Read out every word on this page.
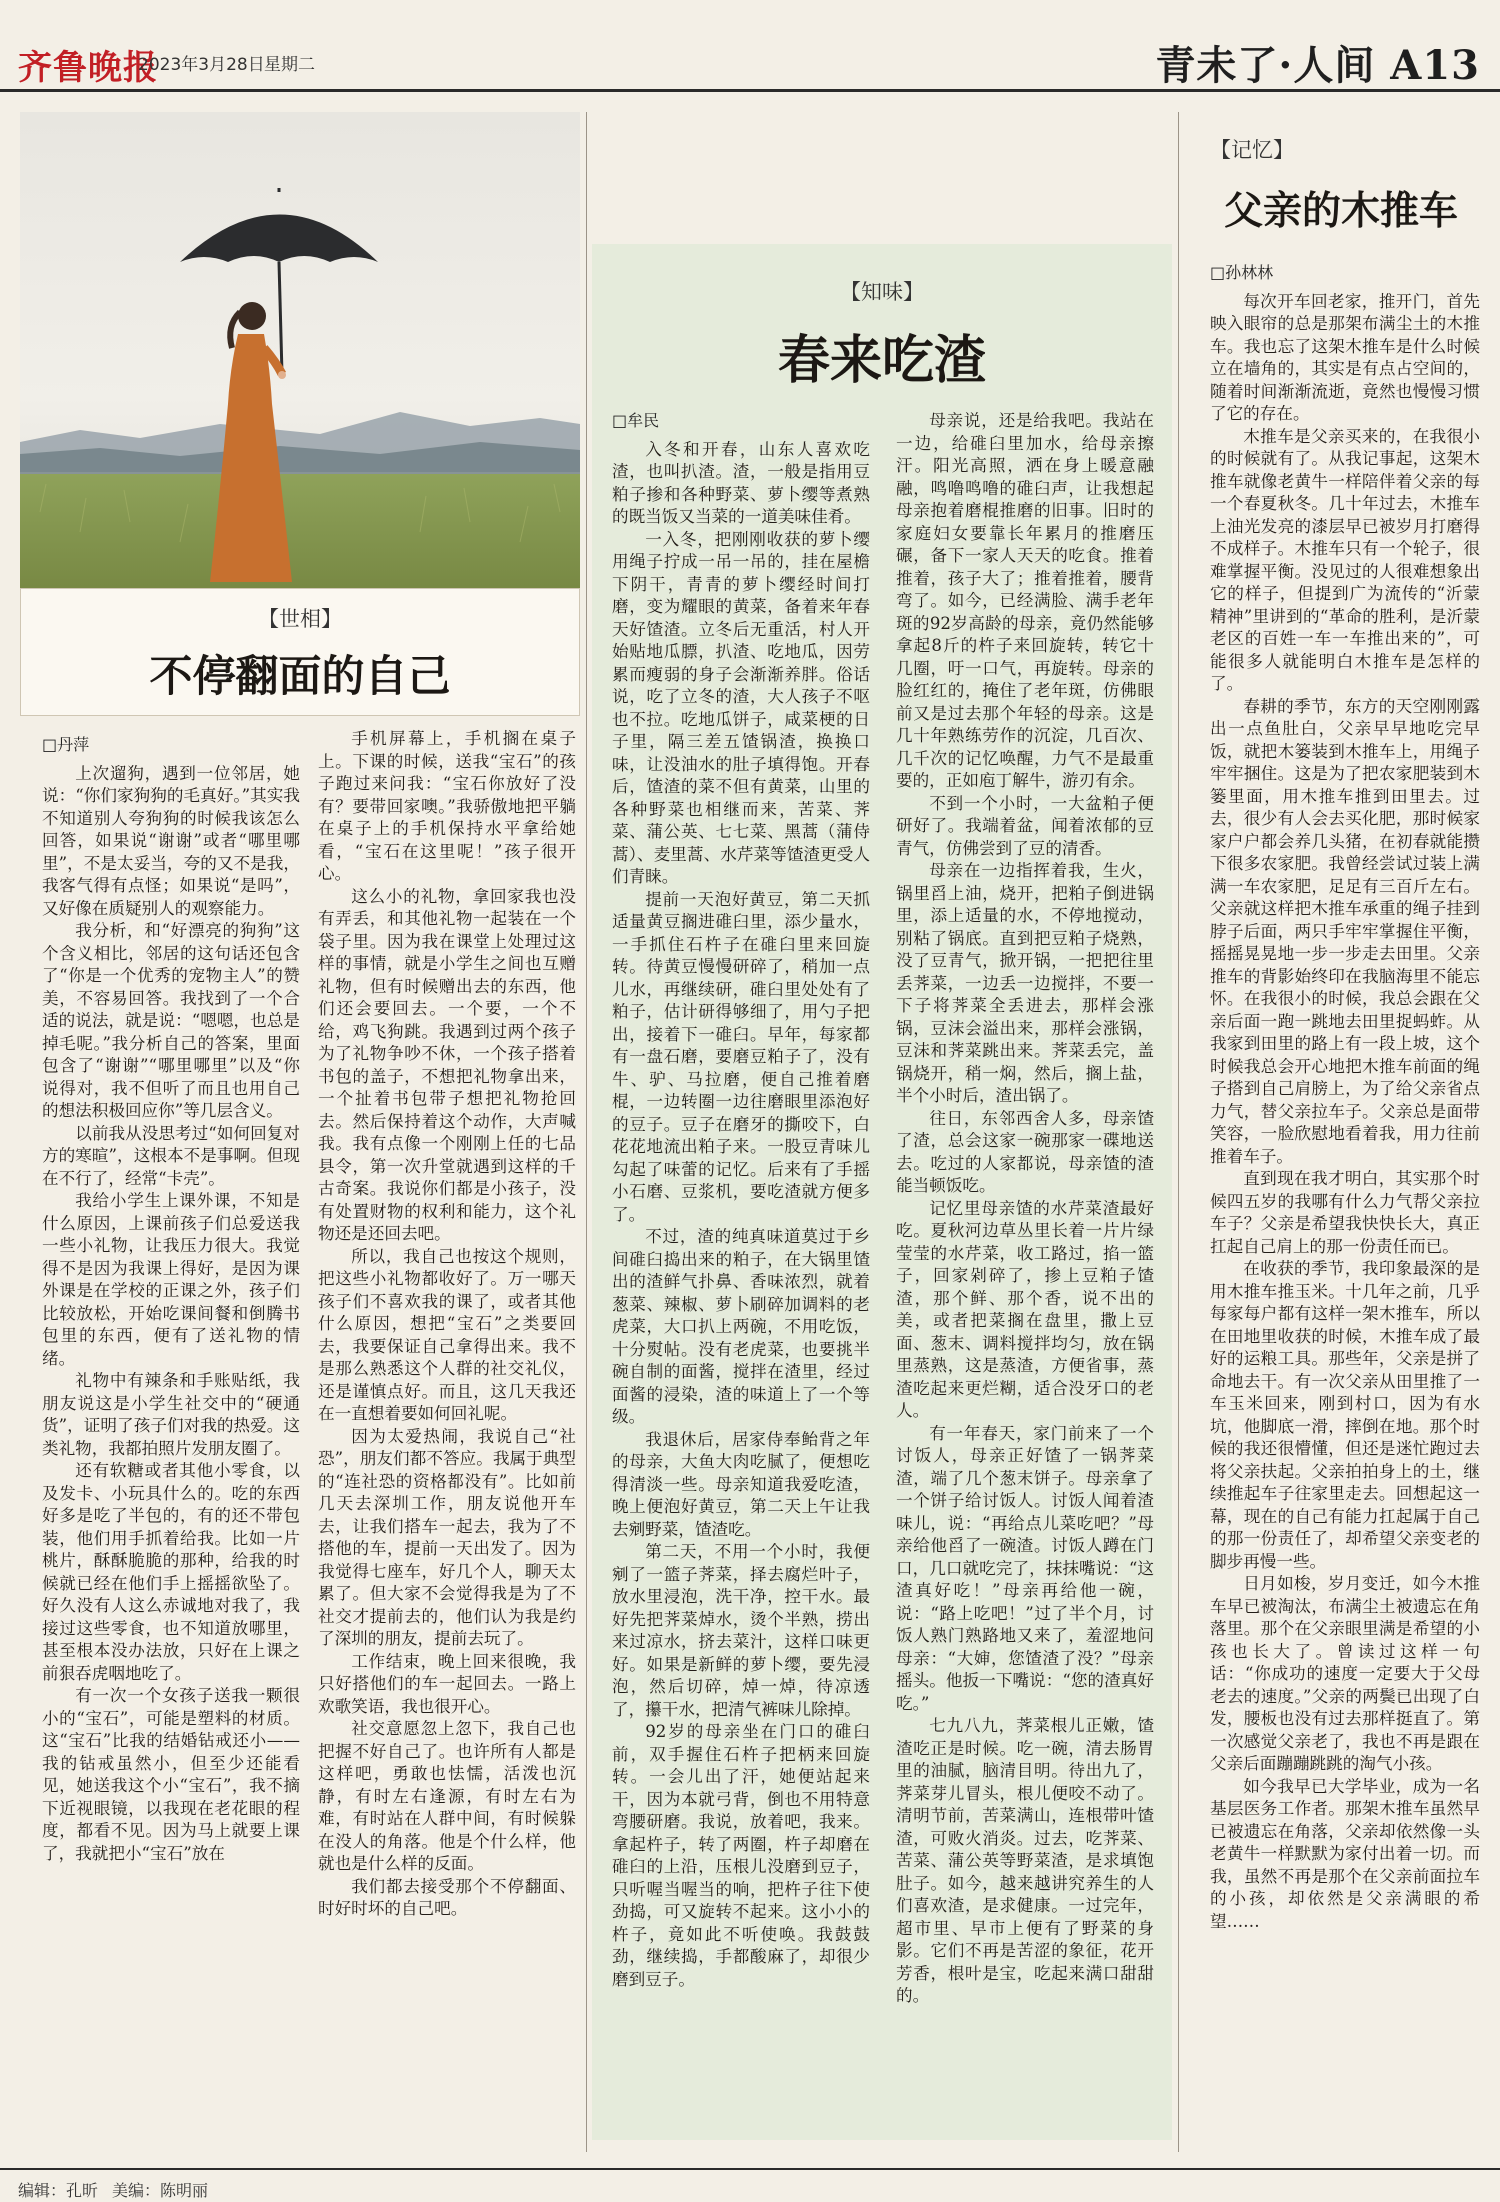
齐鲁晚报
2023年3月28日 星期二	青未了·人间 A13
【世相】
不停翻面的自己

□丹萍

上次遛狗，遇到一位邻居，她说：“你们家狗狗的毛真好。”其实我不知道别人夸狗狗的时候我该怎么回答，如果说“谢谢”或者“哪里哪里”，不是太妥当，夸的又不是我，我客气得有点怪；如果说“是吗”，又好像在质疑别人的观察能力。

我分析，和“好漂亮的狗狗”这个含义相比，邻居的这句话还包含了“你是一个优秀的宠物主人”的赞美，不容易回答。我找到了一个合适的说法，就是说：“嗯嗯，也总是掉毛呢。”我分析自己的答案，里面包含了“谢谢”“哪里哪里”以及“你说得对，我不但听了而且也用自己的想法积极回应你”等几层含义。

以前我从没思考过“如何回复对方的寒暄”，这根本不是事啊。但现在不行了，经常“卡壳”。

我给小学生上课外课，不知是什么原因，上课前孩子们总爱送我一些小礼物，让我压力很大。我觉得不是因为我课上得好，是因为课外课是在学校的正课之外，孩子们比较放松，开始吃课间餐和倒腾书包里的东西，便有了送礼物的情绪。

礼物中有辣条和手账贴纸，我朋友说这是小学生社交中的“硬通货”，证明了孩子们对我的热爱。这类礼物，我都拍照片发朋友圈了。

还有软糖或者其他小零食，以及发卡、小玩具什么的。吃的东西好多是吃了半包的，有的还不带包装，他们用手抓着给我。比如一片桃片，酥酥脆脆的那种，给我的时候就已经在他们手上摇摇欲坠了。好久没有人这么赤诚地对我了，我接过这些零食，也不知道放哪里，甚至根本没办法放，只好在上课之前狠吞虎咽地吃了。

有一次一个女孩子送我一颗很小的“宝石”，可能是塑料的材质。这“宝石”比我的结婚钻戒还小——我的钻戒虽然小，但至少还能看见，她送我这个小“宝石”，我不摘下近视眼镜，以我现在老花眼的程度，都看不见。因为马上就要上课了，我就把小“宝石”放在

手机屏幕上，手机搁在桌子上。下课的时候，送我“宝石”的孩子跑过来问我：“宝石你放好了没有？要带回家噢。”我骄傲地把平躺在桌子上的手机保持水平拿给她看，“宝石在这里呢！”孩子很开心。

这么小的礼物，拿回家我也没有弄丢，和其他礼物一起装在一个袋子里。因为我在课堂上处理过这样的事情，就是小学生之间也互赠礼物，但有时候赠出去的东西，他们还会要回去。一个要，一个不给，鸡飞狗跳。我遇到过两个孩子为了礼物争吵不休，一个孩子搭着书包的盖子，不想把礼物拿出来，一个扯着书包带子想把礼物抢回去。然后保持着这个动作，大声喊我。我有点像一个刚刚上任的七品县令，第一次升堂就遇到这样的千古奇案。我说你们都是小孩子，没有处置财物的权利和能力，这个礼物还是还回去吧。

所以，我自己也按这个规则，把这些小礼物都收好了。万一哪天孩子们不喜欢我的课了，或者其他什么原因，想把“宝石”之类要回去，我要保证自己拿得出来。我不是那么熟悉这个人群的社交礼仪，还是谨慎点好。而且，这几天我还在一直想着要如何回礼呢。

因为太爱热闹，我说自己“社恐”，朋友们都不答应。我属于典型的“连社恐的资格都没有”。比如前几天去深圳工作，朋友说他开车去，让我们搭车一起去，我为了不搭他的车，提前一天出发了。因为我觉得七座车，好几个人，聊天太累了。但大家不会觉得我是为了不社交才提前去的，他们认为我是约了深圳的朋友，提前去玩了。

工作结束，晚上回来很晚，我只好搭他们的车一起回去。一路上欢歌笑语，我也很开心。

社交意愿忽上忽下，我自己也把握不好自己了。也许所有人都是这样吧，勇敢也怯懦，活泼也沉静，有时左右逢源，有时左右为难，有时站在人群中间，有时候躲在没人的角落。他是个什么样，他就也是什么样的反面。

我们都去接受那个不停翻面、时好时坏的自己吧。

【知味】
春来吃渣

□牟民

入冬和开春，山东人喜欢吃渣，也叫扒渣。渣，一般是指用豆粕子掺和各种野菜、萝卜缨等煮熟的既当饭又当菜的一道美味佳肴。

一入冬，把刚刚收获的萝卜缨用绳子拧成一吊一吊的，挂在屋檐下阴干，青青的萝卜缨经时间打磨，变为耀眼的黄菜，备着来年春天好馇渣。立冬后无重活，村人开始贴地瓜膘，扒渣、吃地瓜，因劳累而瘦弱的身子会渐渐养胖。俗话说，吃了立冬的渣，大人孩子不呕也不拉。吃地瓜饼子，咸菜梗的日子里，隔三差五馇锅渣，换换口味，让没油水的肚子填得饱。开春后，馇渣的菜不但有黄菜，山里的各种野菜也相继而来，苦菜、荠菜、蒲公英、七七菜、黑蒿（蒲侍蒿）、麦里蒿、水芹菜等馇渣更受人们青睐。

提前一天泡好黄豆，第二天抓适量黄豆搁进碓臼里，添少量水，一手抓住石杵子在碓臼里来回旋转。待黄豆慢慢研碎了，稍加一点儿水，再继续研，碓臼里处处有了粕子，估计研得够细了，用勺子把出，接着下一碓臼。早年，每家都有一盘石磨，要磨豆粕子了，没有牛、驴、马拉磨，便自己推着磨棍，一边转圈一边往磨眼里添泡好的豆子。豆子在磨牙的撕咬下，白花花地流出粕子来。一股豆青味儿勾起了味蕾的记忆。后来有了手摇小石磨、豆浆机，要吃渣就方便多了。

不过，渣的纯真味道莫过于乡间碓臼捣出来的粕子，在大锅里馇出的渣鲜气扑鼻、香味浓烈，就着葱菜、辣椒、萝卜刷碎加调料的老虎菜，大口扒上两碗，不用吃饭，十分熨帖。没有老虎菜，也要挑半碗自制的面酱，搅拌在渣里，经过面酱的浸染，渣的味道上了一个等级。

我退休后，居家侍奉鲐背之年的母亲，大鱼大肉吃腻了，便想吃得清淡一些。母亲知道我爱吃渣，晚上便泡好黄豆，第二天上午让我去剜野菜，馇渣吃。

第二天，不用一个小时，我便剜了一篮子荠菜，择去腐烂叶子，放水里浸泡，洗干净，控干水。最好先把荠菜焯水，烫个半熟，捞出来过凉水，挤去菜汁，这样口味更好。如果是新鲜的萝卜缨，要先浸泡，然后切碎，焯一焯，待凉透了，攥干水，把清气裤味儿除掉。

92岁的母亲坐在门口的碓臼前，双手握住石杵子把柄来回旋转。一会儿出了汗，她便站起来干，因为本就弓背，倒也不用特意弯腰研磨。我说，放着吧，我来。拿起杵子，转了两圈，杵子却磨在碓臼的上沿，压根儿没磨到豆子，只听喔当喔当的响，把杵子往下使劲捣，可又旋转不起来。这小小的杵子，竟如此不听使唤。我鼓鼓劲，继续捣，手都酸麻了，却很少磨到豆子。

母亲说，还是给我吧。我站在一边，给碓臼里加水，给母亲擦汗。阳光高照，洒在身上暖意融融，鸣噜鸣噜的碓臼声，让我想起母亲抱着磨棍推磨的旧事。旧时的家庭妇女要靠长年累月的推磨压碾，备下一家人天天的吃食。推着推着，孩子大了；推着推着，腰背弯了。如今，已经满脸、满手老年斑的92岁高龄的母亲，竟仍然能够拿起8斤的杵子来回旋转，转它十几圈，吁一口气，再旋转。母亲的脸红红的，掩住了老年斑，仿佛眼前又是过去那个年轻的母亲。这是几十年熟练劳作的沉淀，几百次、几千次的记忆唤醒，力气不是最重要的，正如庖丁解牛，游刃有余。

不到一个小时，一大盆粕子便研好了。我端着盆，闻着浓郁的豆青气，仿佛尝到了豆的清香。

母亲在一边指挥着我，生火，锅里舀上油，烧开，把粕子倒进锅里，添上适量的水，不停地搅动，别粘了锅底。直到把豆粕子烧熟，没了豆青气，掀开锅，一把把往里丢荠菜，一边丢一边搅拌，不要一下子将荠菜全丢进去，那样会涨锅，豆沫会溢出来，那样会涨锅，豆沫和荠菜跳出来。荠菜丢完，盖锅烧开，稍一焖，然后，搁上盐，半个小时后，渣出锅了。

往日，东邻西舍人多，母亲馇了渣，总会这家一碗那家一碟地送去。吃过的人家都说，母亲馇的渣能当顿饭吃。

记忆里母亲馇的水芹菜渣最好吃。夏秋河边草丛里长着一片片绿莹莹的水芹菜，收工路过，掐一篮子，回家剁碎了，掺上豆粕子馇渣，那个鲜、那个香，说不出的美，或者把菜搁在盘里，撒上豆面、葱末、调料搅拌均匀，放在锅里蒸熟，这是蒸渣，方便省事，蒸渣吃起来更烂糊，适合没牙口的老人。

有一年春天，家门前来了一个讨饭人，母亲正好馇了一锅荠菜渣，端了几个葱末饼子。母亲拿了一个饼子给讨饭人。讨饭人闻着渣味儿，说：“再给点儿菜吃吧？”母亲给他舀了一碗渣。讨饭人蹲在门口，几口就吃完了，抹抹嘴说：“这渣真好吃！”母亲再给他一碗，说：“路上吃吧！”过了半个月，讨饭人熟门熟路地又来了，羞涩地问母亲：“大婶，您馇渣了没？”母亲摇头。他扳一下嘴说：“您的渣真好吃。”

七九八九，荠菜根儿正嫩，馇渣吃正是时候。吃一碗，清去肠胃里的油腻，脑清目明。待出九了，荠菜芽儿冒头，根儿便咬不动了。清明节前，苦菜满山，连根带叶馇渣，可败火消炎。过去，吃荠菜、苦菜、蒲公英等野菜渣，是求填饱肚子。如今，越来越讲究养生的人们喜欢渣，是求健康。一过完年，超市里、早市上便有了野菜的身影。它们不再是苦涩的象征，花开芳香，根叶是宝，吃起来满口甜甜的。

【记忆】
父亲的木推车

□孙林林

每次开车回老家，推开门，首先映入眼帘的总是那架布满尘土的木推车。我也忘了这架木推车是什么时候立在墙角的，其实是有点占空间的，随着时间渐渐流逝，竟然也慢慢习惯了它的存在。

木推车是父亲买来的，在我很小的时候就有了。从我记事起，这架木推车就像老黄牛一样陪伴着父亲的每一个春夏秋冬。几十年过去，木推车上油光发亮的漆层早已被岁月打磨得不成样子。木推车只有一个轮子，很难掌握平衡。没见过的人很难想象出它的样子，但提到广为流传的“沂蒙精神”里讲到的“革命的胜利，是沂蒙老区的百姓一车一车推出来的”，可能很多人就能明白木推车是怎样的了。

春耕的季节，东方的天空刚刚露出一点鱼肚白，父亲早早地吃完早饭，就把木篓装到木推车上，用绳子牢牢捆住。这是为了把农家肥装到木篓里面，用木推车推到田里去。过去，很少有人会去买化肥，那时候家家户户都会养几头猪，在初春就能攒下很多农家肥。我曾经尝试过装上满满一车农家肥，足足有三百斤左右。父亲就这样把木推车承重的绳子挂到脖子后面，两只手牢牢掌握住平衡，摇摇晃晃地一步一步走去田里。父亲推车的背影始终印在我脑海里不能忘怀。在我很小的时候，我总会跟在父亲后面一跑一跳地去田里捉蚂蚱。从我家到田里的路上有一段上坡，这个时候我总会开心地把木推车前面的绳子搭到自己肩膀上，为了给父亲省点力气，替父亲拉车子。父亲总是面带笑容，一脸欣慰地看着我，用力往前推着车子。

直到现在我才明白，其实那个时候四五岁的我哪有什么力气帮父亲拉车子？父亲是希望我快快长大，真正扛起自己肩上的那一份责任而已。

在收获的季节，我印象最深的是用木推车推玉米。十几年之前，几乎每家每户都有这样一架木推车，所以在田地里收获的时候，木推车成了最好的运粮工具。那些年，父亲是拼了命地去干。有一次父亲从田里推了一车玉米回来，刚到村口，因为有水坑，他脚底一滑，摔倒在地。那个时候的我还很懵懂，但还是迷忙跑过去将父亲扶起。父亲拍拍身上的土，继续推起车子往家里走去。回想起这一幕，现在的自己有能力扛起属于自己的那一份责任了，却希望父亲变老的脚步再慢一些。

日月如梭，岁月变迁，如今木推车早已被淘汰，布满尘土被遗忘在角落里。那个在父亲眼里满是希望的小孩也长大了。曾读过这样一句话：“你成功的速度一定要大于父母老去的速度。”父亲的两鬓已出现了白发，腰板也没有过去那样挺直了。第一次感觉父亲老了，我也不再是跟在父亲后面蹦蹦跳跳的淘气小孩。

如今我早已大学毕业，成为一名基层医务工作者。那架木推车虽然早已被遗忘在角落，父亲却依然像一头老黄牛一样默默为家付出着一切。而我，虽然不再是那个在父亲前面拉车的小孩，却依然是父亲满眼的希望……

编辑：孔昕 美编：陈明丽
